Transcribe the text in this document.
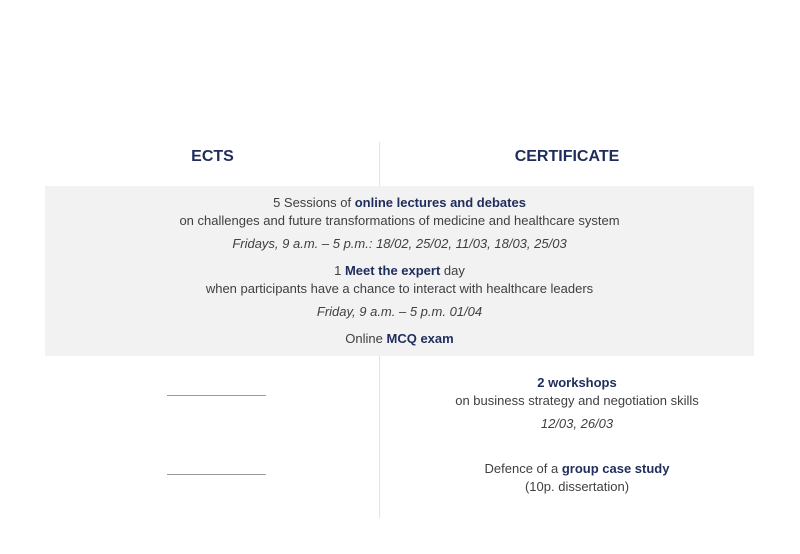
ECTS	CERTIFICATE
5 Sessions of online lectures and debates
on challenges and future transformations of medicine and healthcare system
Fridays, 9 a.m. – 5 p.m.: 18/02, 25/02, 11/03, 18/03, 25/03
1 Meet the expert day
when participants have a chance to interact with healthcare leaders
Friday, 9 a.m. – 5 p.m. 01/04
Online MCQ exam
2 workshops
on business strategy and negotiation skills
12/03, 26/03
Defence of a group case study
(10p. dissertation)
